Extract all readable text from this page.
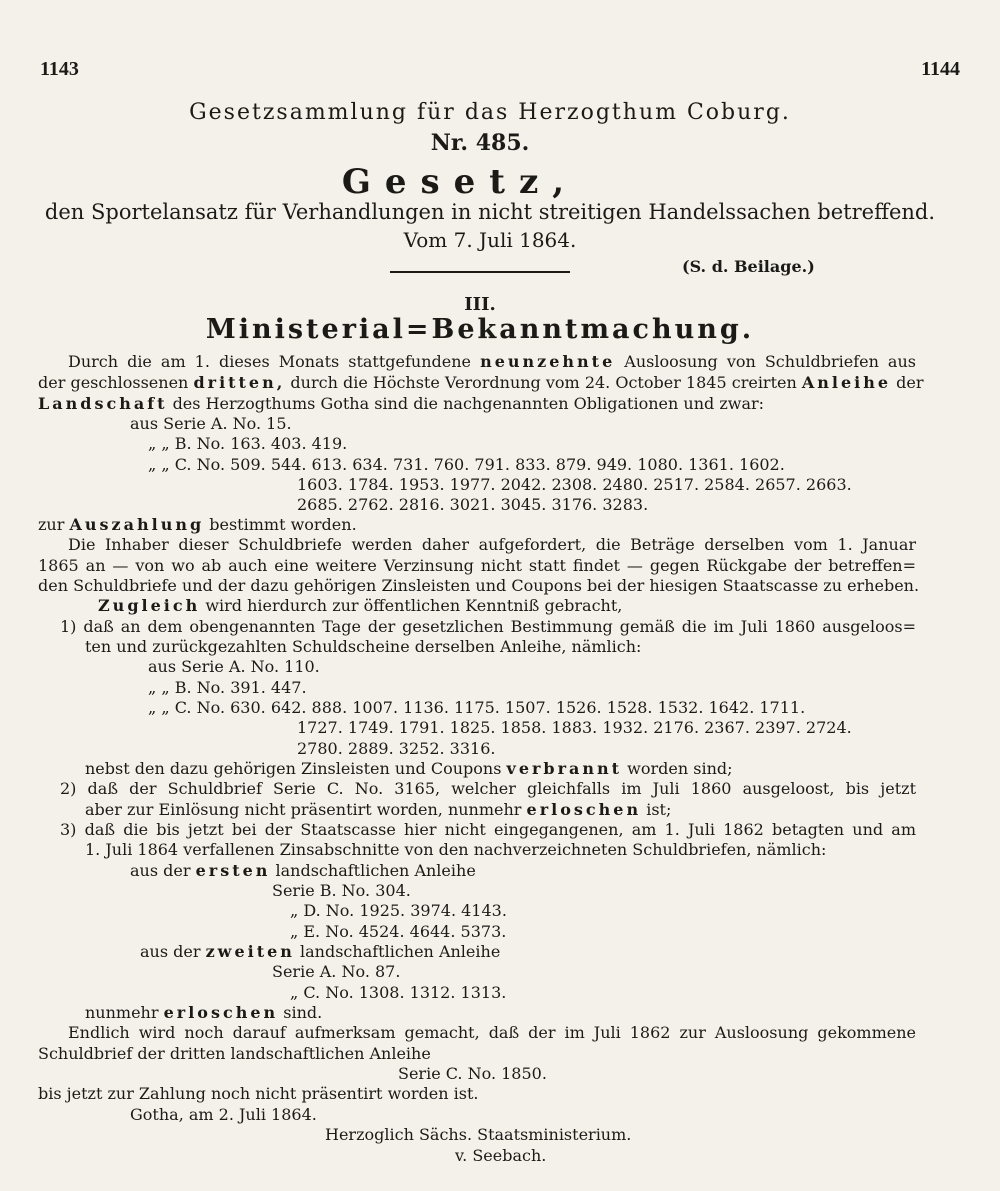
1143	1144
Gesetzsammlung für das Herzogthum Coburg.
Nr. 485.
Gesetz,
den Sportelansatz für Verhandlungen in nicht streitigen Handelssachen betreffend.
Vom 7. Juli 1864.
(S. d. Beilage.)
III.
Ministerial=Bekanntmachung.
Durch die am 1. dieses Monats stattgefundene neunzehnte Ausloosung von Schuldbriefen aus
der geschlossenen dritten, durch die Höchste Verordnung vom 24. October 1845 creirten Anleihe der
Landschaft des Herzogthums Gotha sind die nachgenannten Obligationen und zwar:
aus Serie A. No. 15.
„ „ B. No. 163. 403. 419.
„ „ C. No. 509. 544. 613. 634. 731. 760. 791. 833. 879. 949. 1080. 1361. 1602.
1603. 1784. 1953. 1977. 2042. 2308. 2480. 2517. 2584. 2657. 2663.
2685. 2762. 2816. 3021. 3045. 3176. 3283.
zur Auszahlung bestimmt worden.
Die Inhaber dieser Schuldbriefe werden daher aufgefordert, die Beträge derselben vom 1. Januar
1865 an — von wo ab auch eine weitere Verzinsung nicht statt findet — gegen Rückgabe der betreffen=
den Schuldbriefe und der dazu gehörigen Zinsleisten und Coupons bei der hiesigen Staatscasse zu erheben.
Zugleich wird hierdurch zur öffentlichen Kenntniß gebracht,
1) daß an dem obengenannten Tage der gesetzlichen Bestimmung gemäß die im Juli 1860 ausgeloos=
ten und zurückgezahlten Schuldscheine derselben Anleihe, nämlich:
aus Serie A. No. 110.
„ „ B. No. 391. 447.
„ „ C. No. 630. 642. 888. 1007. 1136. 1175. 1507. 1526. 1528. 1532. 1642. 1711.
1727. 1749. 1791. 1825. 1858. 1883. 1932. 2176. 2367. 2397. 2724.
2780. 2889. 3252. 3316.
nebst den dazu gehörigen Zinsleisten und Coupons verbrannt worden sind;
2) daß der Schuldbrief Serie C. No. 3165, welcher gleichfalls im Juli 1860 ausgeloost, bis jetzt
aber zur Einlösung nicht präsentirt worden, nunmehr erloschen ist;
3) daß die bis jetzt bei der Staatscasse hier nicht eingegangenen, am 1. Juli 1862 betagten und am
1. Juli 1864 verfallenen Zinsabschnitte von den nachverzeichneten Schuldbriefen, nämlich:
aus der ersten landschaftlichen Anleihe
Serie B. No. 304.
„ D. No. 1925. 3974. 4143.
„ E. No. 4524. 4644. 5373.
aus der zweiten landschaftlichen Anleihe
Serie A. No. 87.
„ C. No. 1308. 1312. 1313.
nunmehr erloschen sind.
Endlich wird noch darauf aufmerksam gemacht, daß der im Juli 1862 zur Ausloosung gekommene
Schuldbrief der dritten landschaftlichen Anleihe
Serie C. No. 1850.
bis jetzt zur Zahlung noch nicht präsentirt worden ist.
Gotha, am 2. Juli 1864.
Herzoglich Sächs. Staatsministerium.
v. Seebach.
